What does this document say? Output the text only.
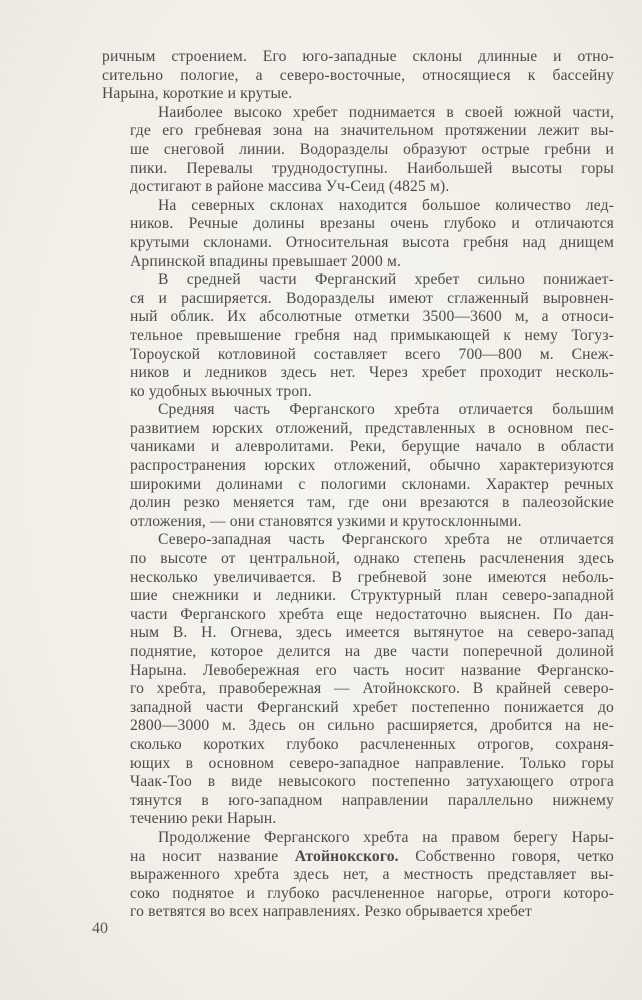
ричным строением. Его юго-западные склоны длинные и отно-
сительно пологие, а северо-восточные, относящиеся к бассейну
Нарына, короткие и крутые.

Наиболее высоко хребет поднимается в своей южной части,
где его гребневая зона на значительном протяжении лежит вы-
ше снеговой линии. Водоразделы образуют острые гребни и
пики. Перевалы труднодоступны. Наибольшей высоты горы
достигают в районе массива Уч-Сеид (4825 м).

На северных склонах находится большое количество лед-
ников. Речные долины врезаны очень глубоко и отличаются
крутыми склонами. Относительная высота гребня над днищем
Арпинской впадины превышает 2000 м.

В средней части Ферганский хребет сильно понижает-
ся и расширяется. Водоразделы имеют сглаженный выровнен-
ный облик. Их абсолютные отметки 3500—3600 м, а относи-
тельное превышение гребня над примыкающей к нему Тогуз-
Тороуской котловиной составляет всего 700—800 м. Снеж-
ников и ледников здесь нет. Через хребет проходит несколь-
ко удобных вьючных троп.

Средняя часть Ферганского хребта отличается большим
развитием юрских отложений, представленных в основном пес-
чаниками и алевролитами. Реки, берущие начало в области
распространения юрских отложений, обычно характеризуются
широкими долинами с пологими склонами. Характер речных
долин резко меняется там, где они врезаются в палеозойские
отложения, — они становятся узкими и крутосклонными.

Северо-западная часть Ферганского хребта не отличается
по высоте от центральной, однако степень расчленения здесь
несколько увеличивается. В гребневой зоне имеются неболь-
шие снежники и ледники. Структурный план северо-западной
части Ферганского хребта еще недостаточно выяснен. По дан-
ным В. Н. Огнева, здесь имеется вытянутое на северо-запад
поднятие, которое делится на две части поперечной долиной
Нарына. Левобережная его часть носит название Ферганско-
го хребта, правобережная — Атойнокского. В крайней северо-
западной части Ферганский хребет постепенно понижается до
2800—3000 м. Здесь он сильно расширяется, дробится на не-
сколько коротких глубоко расчлененных отрогов, сохраня-
ющих в основном северо-западное направление. Только горы
Чаак-Тоо в виде невысокого постепенно затухающего отрога
тянутся в юго-западном направлении параллельно нижнему
течению реки Нарын.

Продолжение Ферганского хребта на правом берегу Нары-
на носит название Атойнокского. Собственно говоря, четко
выраженного хребта здесь нет, а местность представляет вы-
соко поднятое и глубоко расчлененное нагорье, отроги которо-
го ветвятся во всех направлениях. Резко обрывается хребет

40
